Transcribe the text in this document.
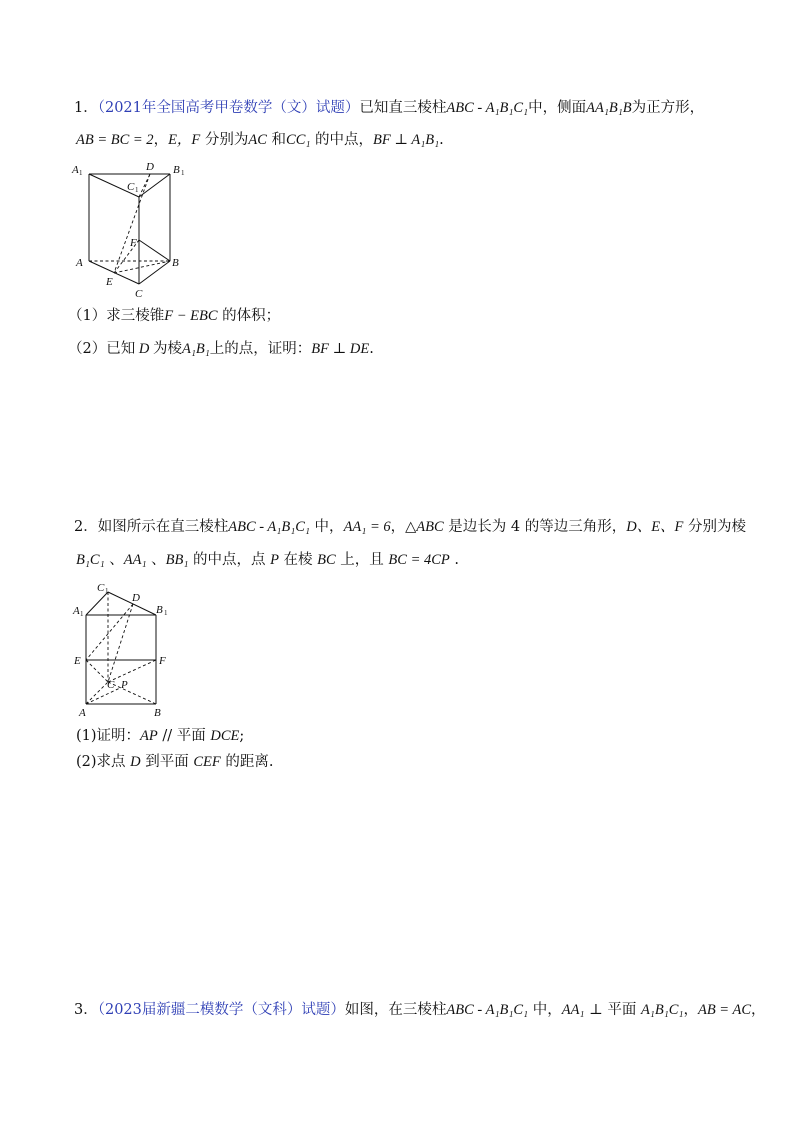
1．（2021年全国高考甲卷数学（文）试题）已知直三棱柱ABC - A₁B₁C₁中，侧面AA₁B₁B为正方形，
AB = BC = 2，E，F 分别为AC 和CC₁ 的中点，BF ⊥ A₁B₁.
A 1	D B 1
C 1
F
A	B
E
C
（1）求三棱锥F − EBC 的体积；
（2）已知 D 为棱A₁B₁上的点，证明：BF ⊥ DE.
2．如图所示在直三棱柱ABC - A₁B₁C₁ 中，AA₁ = 6，△ABC 是边长为 4 的等边三角形，D、E、F 分别为棱
B₁C₁ 、AA₁ 、BB₁ 的中点，点 P 在棱 BC 上，且 BC = 4CP .
C 1
D
A 1	B 1
E	F
C P
A	B
(1)证明：AP // 平面 DCE;
(2)求点 D 到平面 CEF 的距离.
3．（2023届新疆二模数学（文科）试题）如图，在三棱柱ABC - A₁B₁C₁ 中，AA₁ ⊥ 平面 A₁B₁C₁，AB = AC，
